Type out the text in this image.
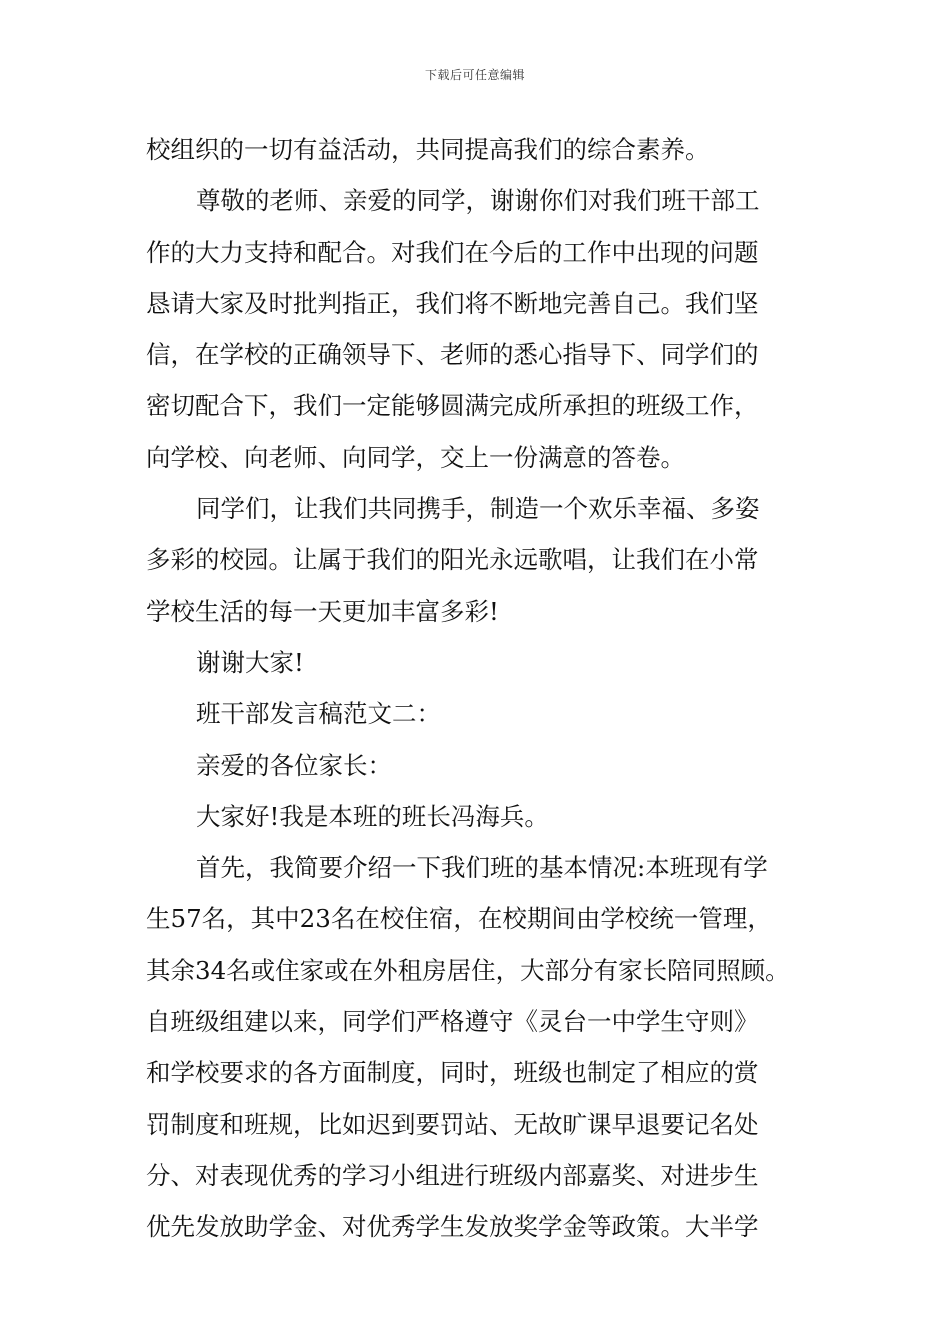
下载后可任意编辑
校组织的一切有益活动，共同提高我们的综合素养。
尊敬的老师、亲爱的同学，谢谢你们对我们班干部工
作的大力支持和配合。对我们在今后的工作中出现的问题
恳请大家及时批判指正，我们将不断地完善自己。我们坚
信，在学校的正确领导下、老师的悉心指导下、同学们的
密切配合下，我们一定能够圆满完成所承担的班级工作，
向学校、向老师、向同学，交上一份满意的答卷。
同学们，让我们共同携手，制造一个欢乐幸福、多姿
多彩的校园。让属于我们的阳光永远歌唱，让我们在小常
学校生活的每一天更加丰富多彩!
谢谢大家!
班干部发言稿范文二：
亲爱的各位家长：
大家好!我是本班的班长冯海兵。
首先，我简要介绍一下我们班的基本情况:本班现有学
生57名，其中23名在校住宿，在校期间由学校统一管理，
其余34名或住家或在外租房居住，大部分有家长陪同照顾。
自班级组建以来，同学们严格遵守《灵台一中学生守则》
和学校要求的各方面制度，同时，班级也制定了相应的赏
罚制度和班规，比如迟到要罚站、无故旷课早退要记名处
分、对表现优秀的学习小组进行班级内部嘉奖、对进步生
优先发放助学金、对优秀学生发放奖学金等政策。大半学
